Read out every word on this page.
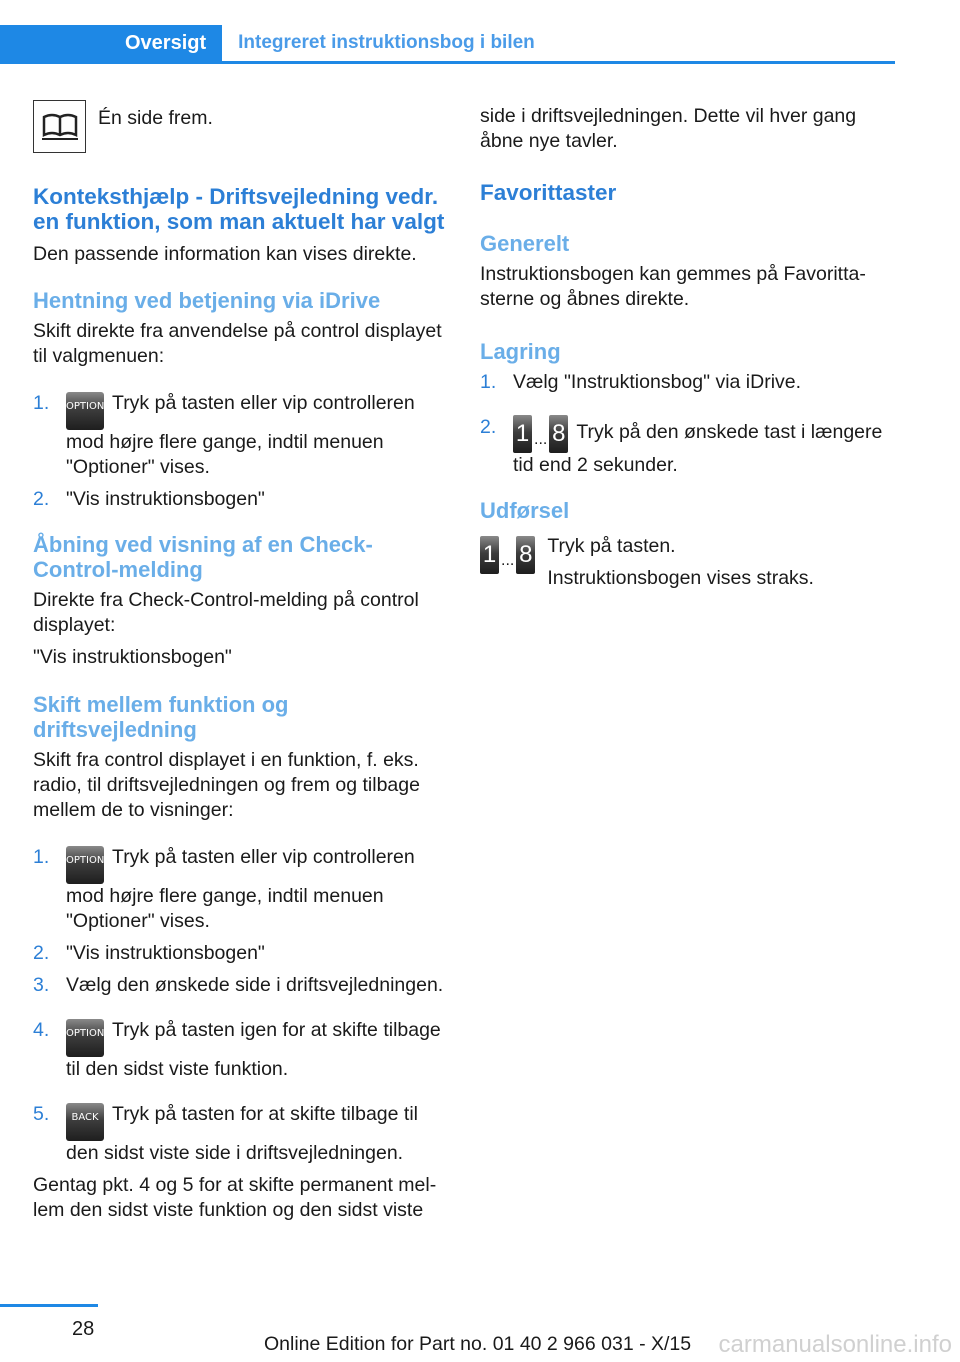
Oversigt	Integreret instruktionsbog i bilen

Én side frem.

Konteksthjælp - Driftsvejledning vedr. en funktion, som man aktuelt har valgt

Den passende information kan vises direkte.

Hentning ved betjening via iDrive

Skift direkte fra anvendelse på control displayet til valgmenuen:

1.	OPTION Tryk på tasten eller vip controlleren mod højre flere gange, indtil menuen "Optioner" vises.
2. "Vis instruktionsbogen"
Åbning ved visning af en Check-Control-melding

Direkte fra Check-Control-melding på control displayet:

"Vis instruktionsbogen"

Skift mellem funktion og driftsvejledning

Skift fra control displayet i en funktion, f. eks. radio, til driftsvejledningen og frem og tilbage mellem de to visninger:

1.	OPTION Tryk på tasten eller vip controlleren mod højre flere gange, indtil menuen "Optioner" vises.
2. "Vis instruktionsbogen"
3. Vælg den ønskede side i driftsvejledningen.
4.	OPTION Tryk på tasten igen for at skifte tilbage til den sidst viste funktion.
5.	BACK Tryk på tasten for at skifte tilbage til den sidst viste side i driftsvejledningen.

Gentag pkt. 4 og 5 for at skifte permanent mellem den sidst viste funktion og den sidst viste

side i driftsvejledningen. Dette vil hver gang åbne nye tavler.

Favorittaster
Generelt

Instruktionsbogen kan gemmes på Favorittasterne og åbnes direkte.

Lagring
1. Vælg "Instruktionsbog" via iDrive.
2. 1 $_{...}$ 8 Tryk på den ønskede tast i længere tid end 2 sekunder.
Udførsel
1 ... 8 Tryk på tasten.

Instruktionsbogen vises straks.

28
Online Edition for Part no. 01 40 2 966 031 - X/15 carmanualsonline.info
